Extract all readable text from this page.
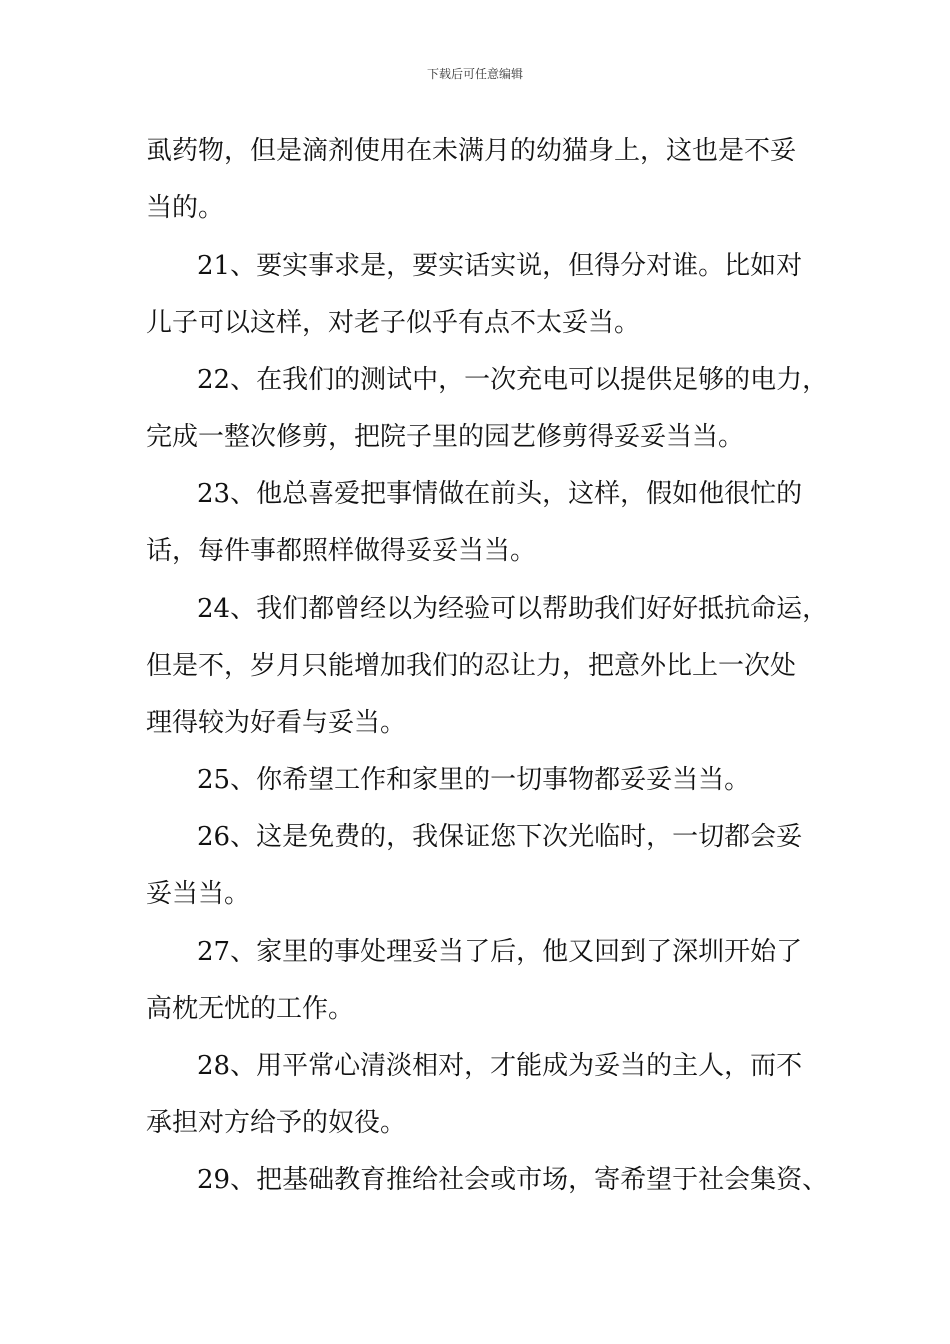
下载后可任意编辑
虱药物，但是滴剂使用在未满月的幼猫身上，这也是不妥
当的。
21、要实事求是，要实话实说，但得分对谁。比如对
儿子可以这样，对老子似乎有点不太妥当。
22、在我们的测试中，一次充电可以提供足够的电力，
完成一整次修剪，把院子里的园艺修剪得妥妥当当。
23、他总喜爱把事情做在前头，这样，假如他很忙的
话，每件事都照样做得妥妥当当。
24、我们都曾经以为经验可以帮助我们好好抵抗命运，
但是不，岁月只能增加我们的忍让力，把意外比上一次处
理得较为好看与妥当。
25、你希望工作和家里的一切事物都妥妥当当。
26、这是免费的，我保证您下次光临时，一切都会妥
妥当当。
27、家里的事处理妥当了后，他又回到了深圳开始了
高枕无忧的工作。
28、用平常心清淡相对，才能成为妥当的主人，而不
承担对方给予的奴役。
29、把基础教育推给社会或市场，寄希望于社会集资、
